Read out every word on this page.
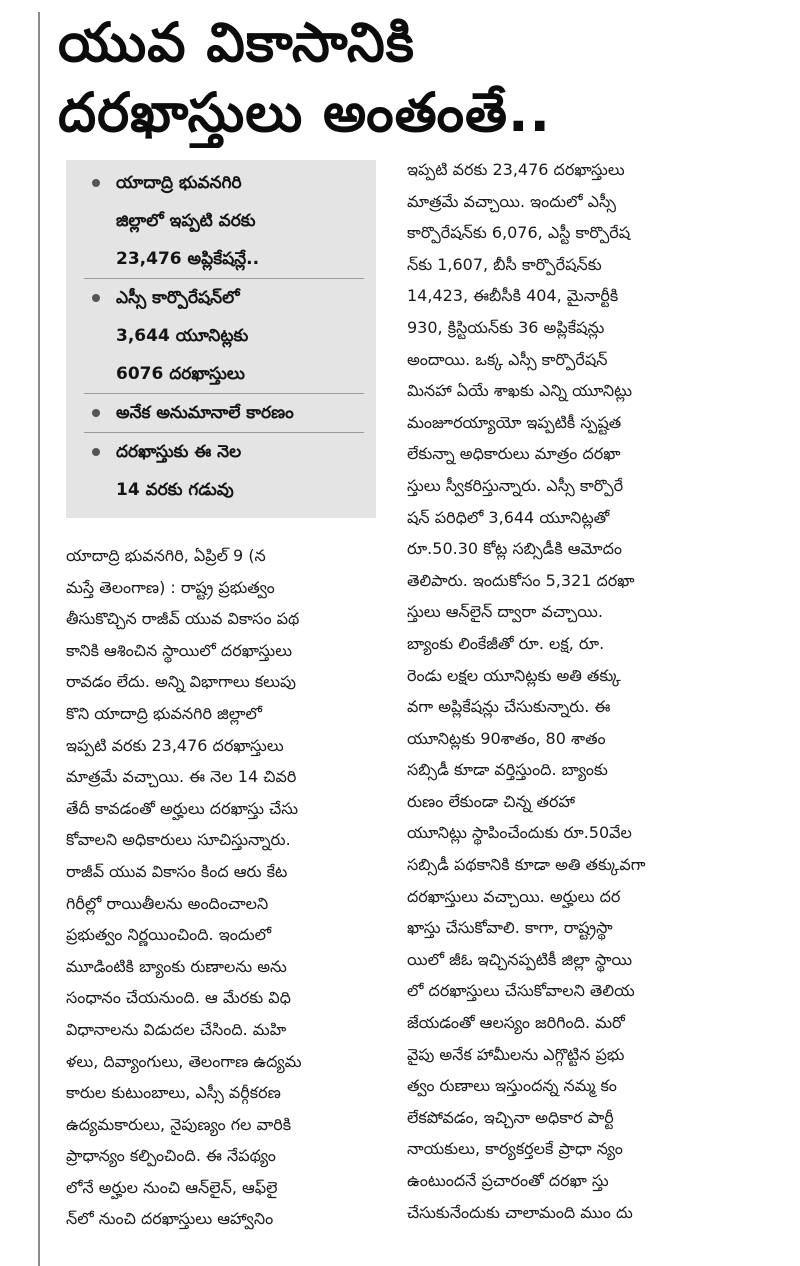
యువ వికాసానికి
దరఖాస్తులు అంతంతే..
యాదాద్రి భువనగిరి
జిల్లాలో ఇప్పటి వరకు
23,476 అప్లికేషన్లే..
ఎస్సీ కార్పొరేషన్‌లో
3,644 యూనిట్లకు
6076 దరఖాస్తులు
అనేక అనుమానాలే కారణం
దరఖాస్తుకు ఈ నెల
14 వరకు గడువు
యాదాద్రి భువనగిరి, ఏప్రిల్ 9 (న
మస్తే తెలంగాణ) : రాష్ట్ర ప్రభుత్వం
తీసుకొచ్చిన రాజీవ్ యువ వికాసం పథ
కానికి ఆశించిన స్థాయిలో దరఖాస్తులు
రావడం లేదు. అన్ని విభాగాలు కలుపు
కొని యాదాద్రి భువనగిరి జిల్లాలో
ఇప్పటి వరకు 23,476 దరఖాస్తులు
మాత్రమే వచ్చాయి. ఈ నెల 14 చివరి
తేదీ కావడంతో అర్హులు దరఖాస్తు చేసు
కోవాలని అధికారులు సూచిస్తున్నారు.
రాజీవ్ యువ వికాసం కింద ఆరు కేట
గిరీల్లో రాయితీలను అందించాలని
ప్రభుత్వం నిర్ణయించింది. ఇందులో
మూడింటికి బ్యాంకు రుణాలను అను
సంధానం చేయనుంది. ఆ మేరకు విధి
విధానాలను విడుదల చేసింది. మహి
ళలు, దివ్యాంగులు, తెలంగాణ ఉద్యమ
కారుల కుటుంబాలు, ఎస్సీ వర్గీకరణ
ఉద్యమకారులు, నైపుణ్యం గల వారికి
ప్రాధాన్యం కల్పించింది. ఈ నేపథ్యం
లోనే అర్హుల నుంచి ఆన్‌లైన్, ఆఫ్‌లై
న్‌లో నుంచి దరఖాస్తులు ఆహ్వానిం
ఇప్పటి వరకు 23,476 దరఖాస్తులు
మాత్రమే వచ్చాయి. ఇందులో ఎస్సీ
కార్పొరేషన్‌కు 6,076, ఎస్టీ కార్పొరేష
న్‌కు 1,607, బీసీ కార్పొరేషన్‌కు
14,423, ఈబీసీకి 404, మైనార్టీకి
930, క్రిస్టియన్‌కు 36 అప్లికేషన్లు
అందాయి. ఒక్క ఎస్సీ కార్పొరేషన్
మినహా ఏయే శాఖకు ఎన్ని యూనిట్లు
మంజూరయ్యాయో ఇప్పటికీ స్పష్టత
లేకున్నా అధికారులు మాత్రం దరఖా
స్తులు స్వీకరిస్తున్నారు. ఎస్సీ కార్పొరే
షన్ పరిధిలో 3,644 యూనిట్లతో
రూ.50.30 కోట్ల సబ్సిడీకి ఆమోదం
తెలిపారు. ఇందుకోసం 5,321 దరఖా
స్తులు ఆన్‌లైన్ ద్వారా వచ్చాయి.
బ్యాంకు లింకేజీతో రూ. లక్ష, రూ.
రెండు లక్షల యూనిట్లకు అతి తక్కు
వగా అప్లికేషన్లు చేసుకున్నారు. ఈ
యూనిట్లకు 90శాతం, 80 శాతం
సబ్సిడీ కూడా వర్తిస్తుంది. బ్యాంకు
రుణం లేకుండా చిన్న తరహా
యూనిట్లు స్థాపించేందుకు రూ.50వేల
సబ్సిడీ పథకానికి కూడా అతి తక్కువగా
దరఖాస్తులు వచ్చాయి. అర్హులు దర
ఖాస్తు చేసుకోవాలి. కాగా, రాష్ట్రస్థా
యిలో జీఓ ఇచ్చినప్పటికీ జిల్లా స్థాయి
లో దరఖాస్తులు చేసుకోవాలని తెలియ
జేయడంతో ఆలస్యం జరిగింది. మరో
వైపు అనేక హామీలను ఎగ్గొట్టిన ప్రభు
త్వం రుణాలు ఇస్తుందన్న నమ్మ కం
లేకపోవడం, ఇచ్చినా అధికార పార్టీ
నాయకులు, కార్యకర్తలకే ప్రాధా న్యం
ఉంటుందనే ప్రచారంతో దరఖా స్తు
చేసుకునేందుకు చాలామంది ముం దు
